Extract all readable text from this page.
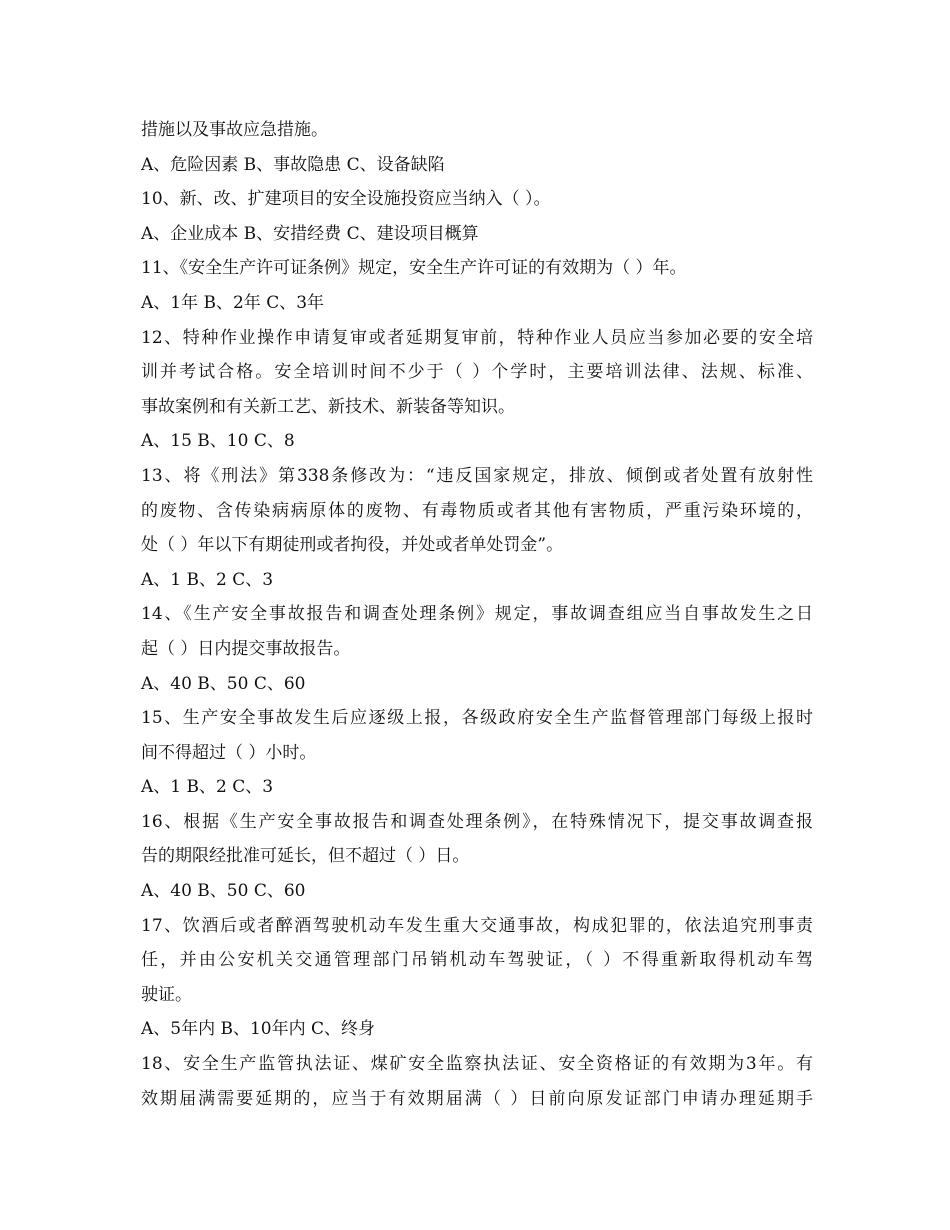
措施以及事故应急措施。
A、危险因素 B、事故隐患 C、设备缺陷
10、新、改、扩建项目的安全设施投资应当纳入（ ）。
A、企业成本 B、安措经费 C、建设项目概算
11、《安全生产许可证条例》规定，安全生产许可证的有效期为（ ）年。
A、1年 B、2年 C、3年
12、特种作业操作申请复审或者延期复审前，特种作业人员应当参加必要的安全培
训并考试合格。安全培训时间不少于（ ）个学时，主要培训法律、法规、标准、
事故案例和有关新工艺、新技术、新装备等知识。
A、15 B、10 C、8
13、将《刑法》第338条修改为：“违反国家规定，排放、倾倒或者处置有放射性
的废物、含传染病病原体的废物、有毒物质或者其他有害物质，严重污染环境的，
处（ ）年以下有期徒刑或者拘役，并处或者单处罚金”。
A、1 B、2 C、3
14、《生产安全事故报告和调查处理条例》规定，事故调查组应当自事故发生之日
起（ ）日内提交事故报告。
A、40 B、50 C、60
15、生产安全事故发生后应逐级上报，各级政府安全生产监督管理部门每级上报时
间不得超过（ ）小时。
A、1 B、2 C、3
16、根据《生产安全事故报告和调查处理条例》，在特殊情况下，提交事故调查报
告的期限经批准可延长，但不超过（ ）日。
A、40 B、50 C、60
17、饮酒后或者醉酒驾驶机动车发生重大交通事故，构成犯罪的，依法追究刑事责
任，并由公安机关交通管理部门吊销机动车驾驶证，（ ）不得重新取得机动车驾
驶证。
A、5年内 B、10年内 C、终身
18、安全生产监管执法证、煤矿安全监察执法证、安全资格证的有效期为3年。有
效期届满需要延期的，应当于有效期届满（ ）日前向原发证部门申请办理延期手
